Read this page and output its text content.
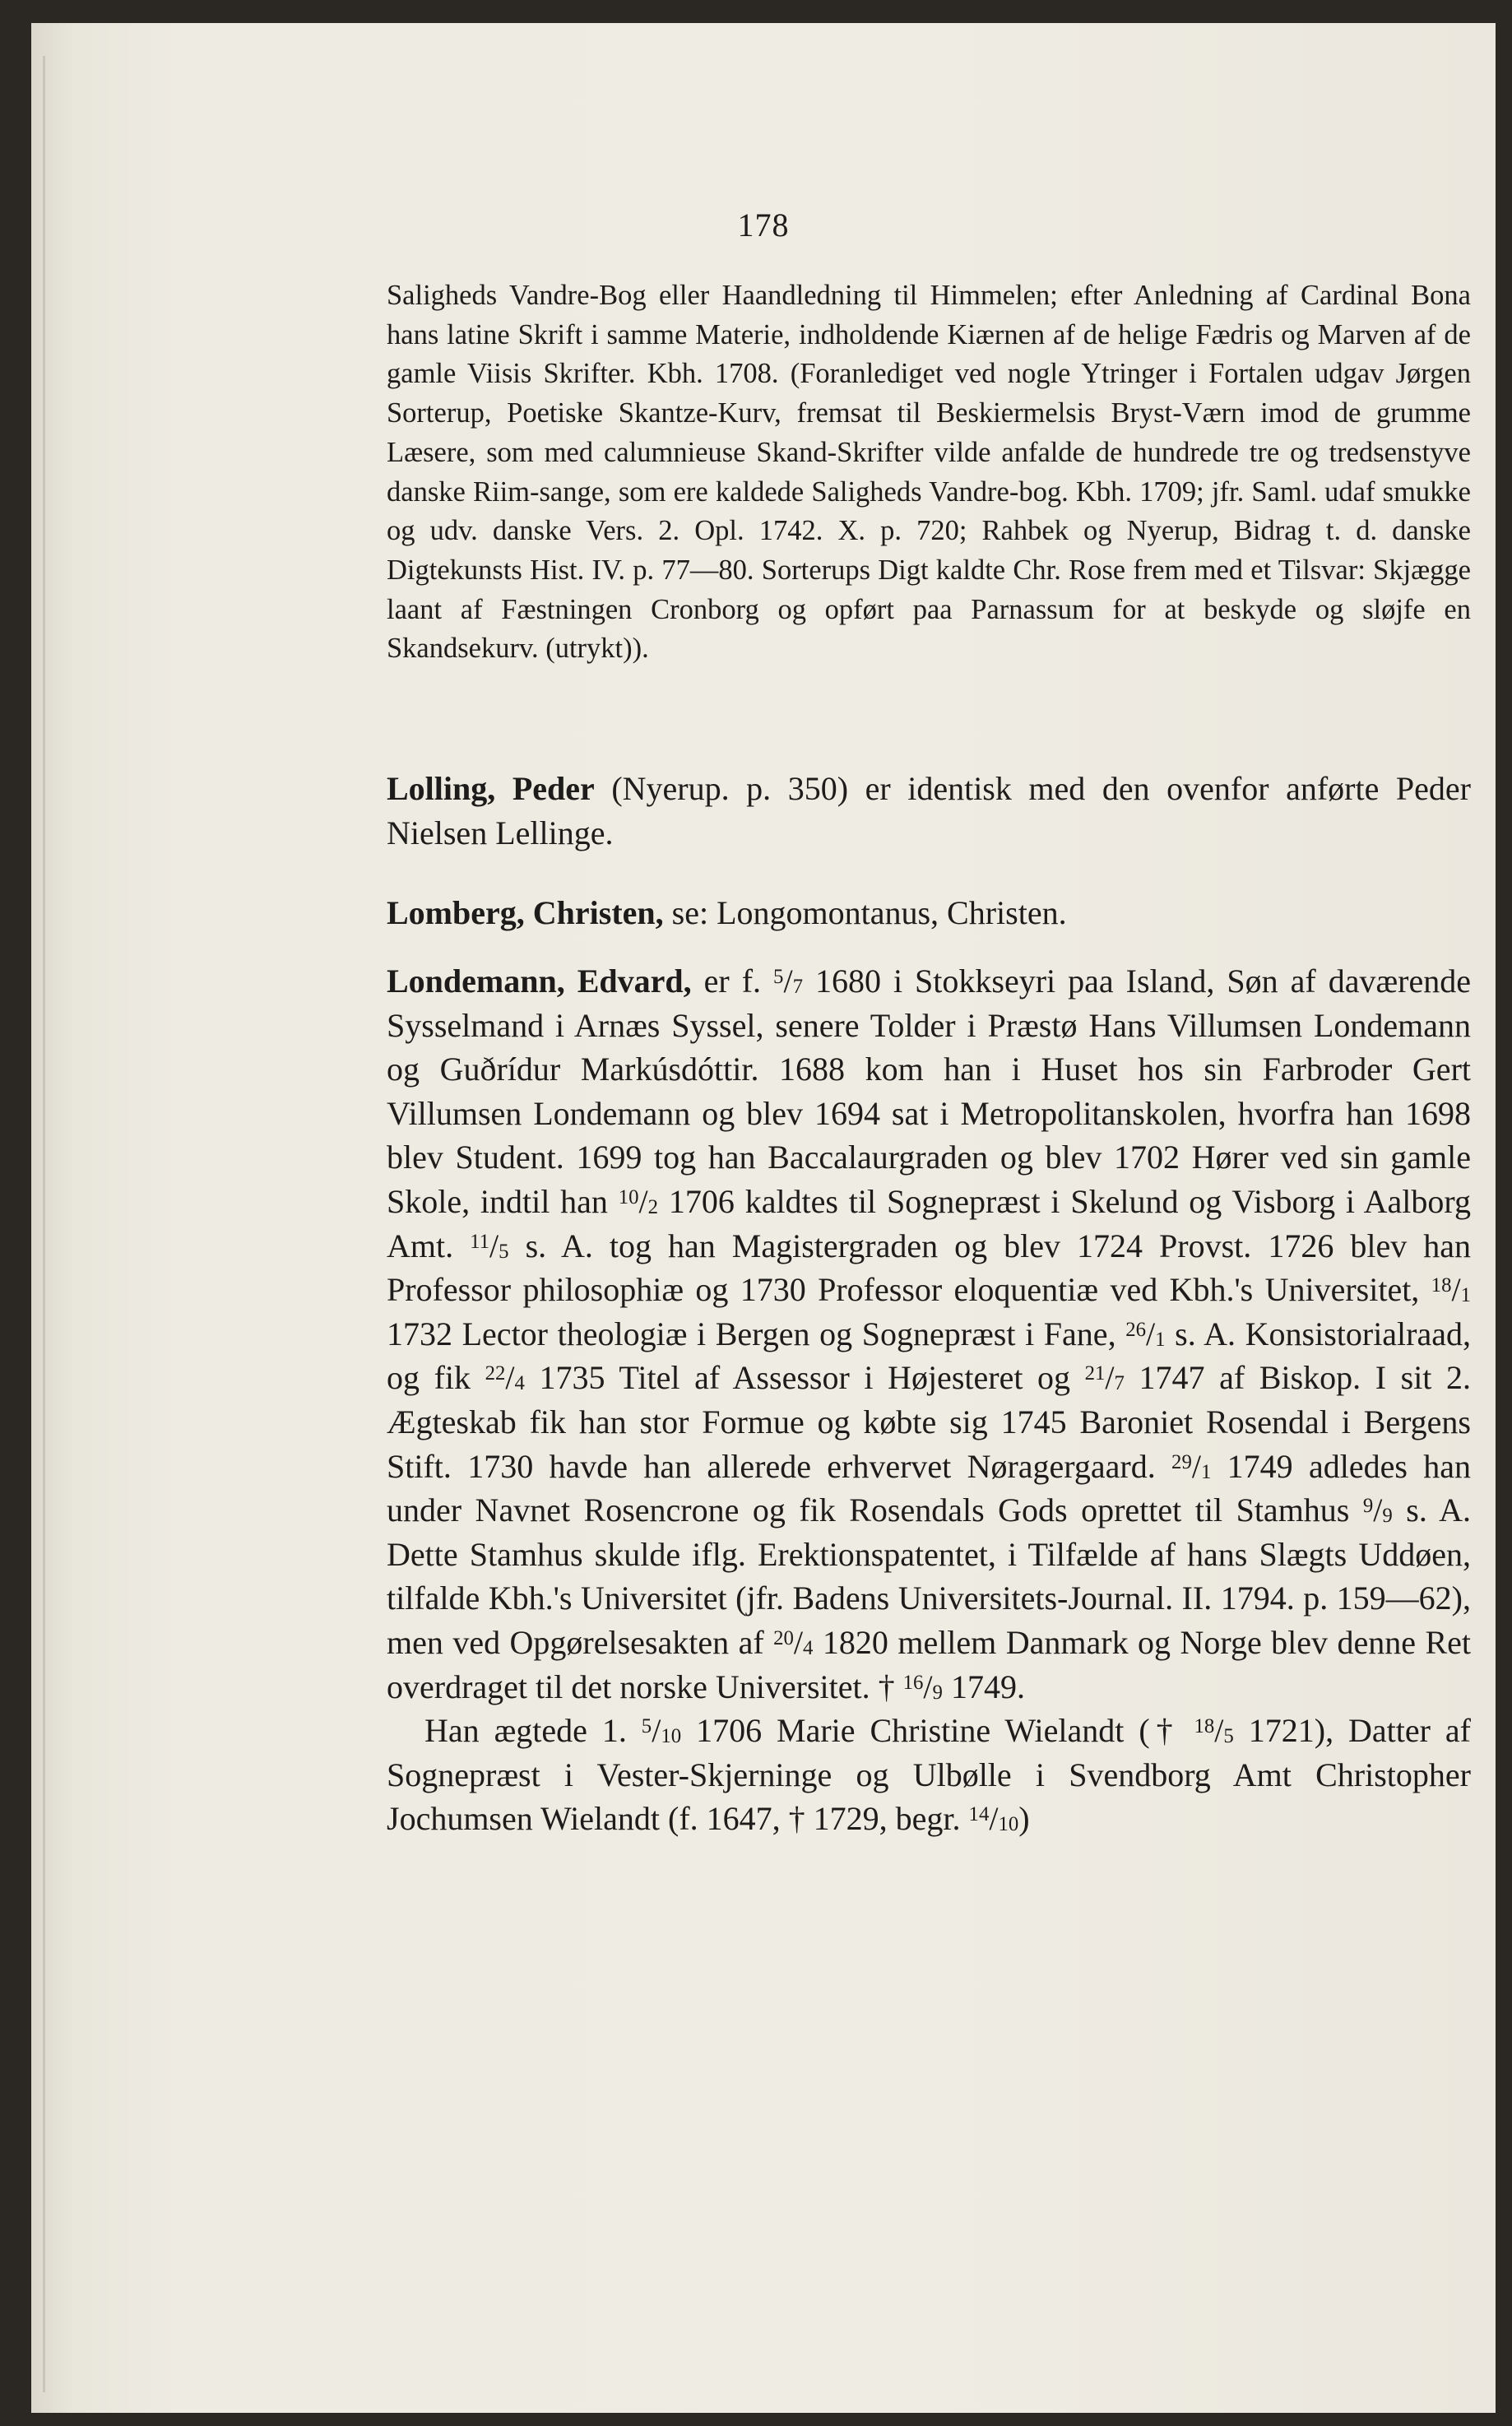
178

Saligheds Vandre-Bog eller Haandledning til Himmelen; efter Anledning af Cardinal Bona hans latine Skrift i samme Materie, indholdende Kiærnen af de helige Fædris og Marven af de gamle Viisis Skrifter. Kbh. 1708. (Foranlediget ved nogle Ytringer i Fortalen udgav Jørgen Sorterup, Poetiske Skantze-Kurv, fremsat til Beskiermelsis Bryst-Værn imod de grumme Læsere, som med calumnieuse Skand-Skrifter vilde anfalde de hundrede tre og tredsenstyve danske Riim-sange, som ere kaldede Saligheds Vandre-bog. Kbh. 1709; jfr. Saml. udaf smukke og udv. danske Vers. 2. Opl. 1742. X. p. 720; Rahbek og Nyerup, Bidrag t. d. danske Digtekunsts Hist. IV. p. 77—80. Sorterups Digt kaldte Chr. Rose frem med et Tilsvar: Skjægge laant af Fæstningen Cronborg og opført paa Parnassum for at beskyde og sløjfe en Skandsekurv. (utrykt)).

Lolling, Peder (Nyerup. p. 350) er identisk med den ovenfor anførte Peder Nielsen Lellinge.

Lomberg, Christen, se: Longomontanus, Christen.

Londemann, Edvard, er f. $^5/_7$ 1680 i Stokkseyri paa Island, Søn af daværende Sysselmand i Arnæs Syssel, senere Tolder i Præstø Hans Villumsen Londemann og Guðrídur Markúsdóttir. 1688 kom han i Huset hos sin Farbroder Gert Villumsen Londemann og blev 1694 sat i Metropolitanskolen, hvorfra han 1698 blev Student. 1699 tog han Baccalaurgraden og blev 1702 Hører ved sin gamle Skole, indtil han $^{10}/_2$ 1706 kaldtes til Sognepræst i Skelund og Visborg i Aalborg Amt. $^{11}/_5$ s. A. tog han Magistergraden og blev 1724 Provst. 1726 blev han Professor philosophiæ og 1730 Professor eloquentiæ ved Kbh.'s Universitet, $^{18}/_1$ 1732 Lector theologiæ i Bergen og Sognepræst i Fane, $^{26}/_1$ s. A. Konsistorialraad, og fik $^{22}/_4$ 1735 Titel af Assessor i Højesteret og $^{21}/_7$ 1747 af Biskop. I sit 2. Ægteskab fik han stor Formue og købte sig 1745 Baroniet Rosendal i Bergens Stift. 1730 havde han allerede erhvervet Nøragergaard. $^{29}/_1$ 1749 adledes han under Navnet Rosencrone og fik Rosendals Gods oprettet til Stamhus $^9/_9$ s. A. Dette Stamhus skulde iflg. Erektionspatentet, i Tilfælde af hans Slægts Uddøen, tilfalde Kbh.'s Universitet (jfr. Badens Universitets-Journal. II. 1794. p. 159—62), men ved Opgørelsesakten af $^{20}/_4$ 1820 mellem Danmark og Norge blev denne Ret overdraget til det norske Universitet. † $^{16}/_9$ 1749.

Han ægtede 1. $^5/_{10}$ 1706 Marie Christine Wielandt († $^{18}/_5$ 1721), Datter af Sognepræst i Vester-Skjerninge og Ulbølle i Svendborg Amt Christopher Jochumsen Wielandt (f. 1647, † 1729, begr. $^{14}/_{10}$)
